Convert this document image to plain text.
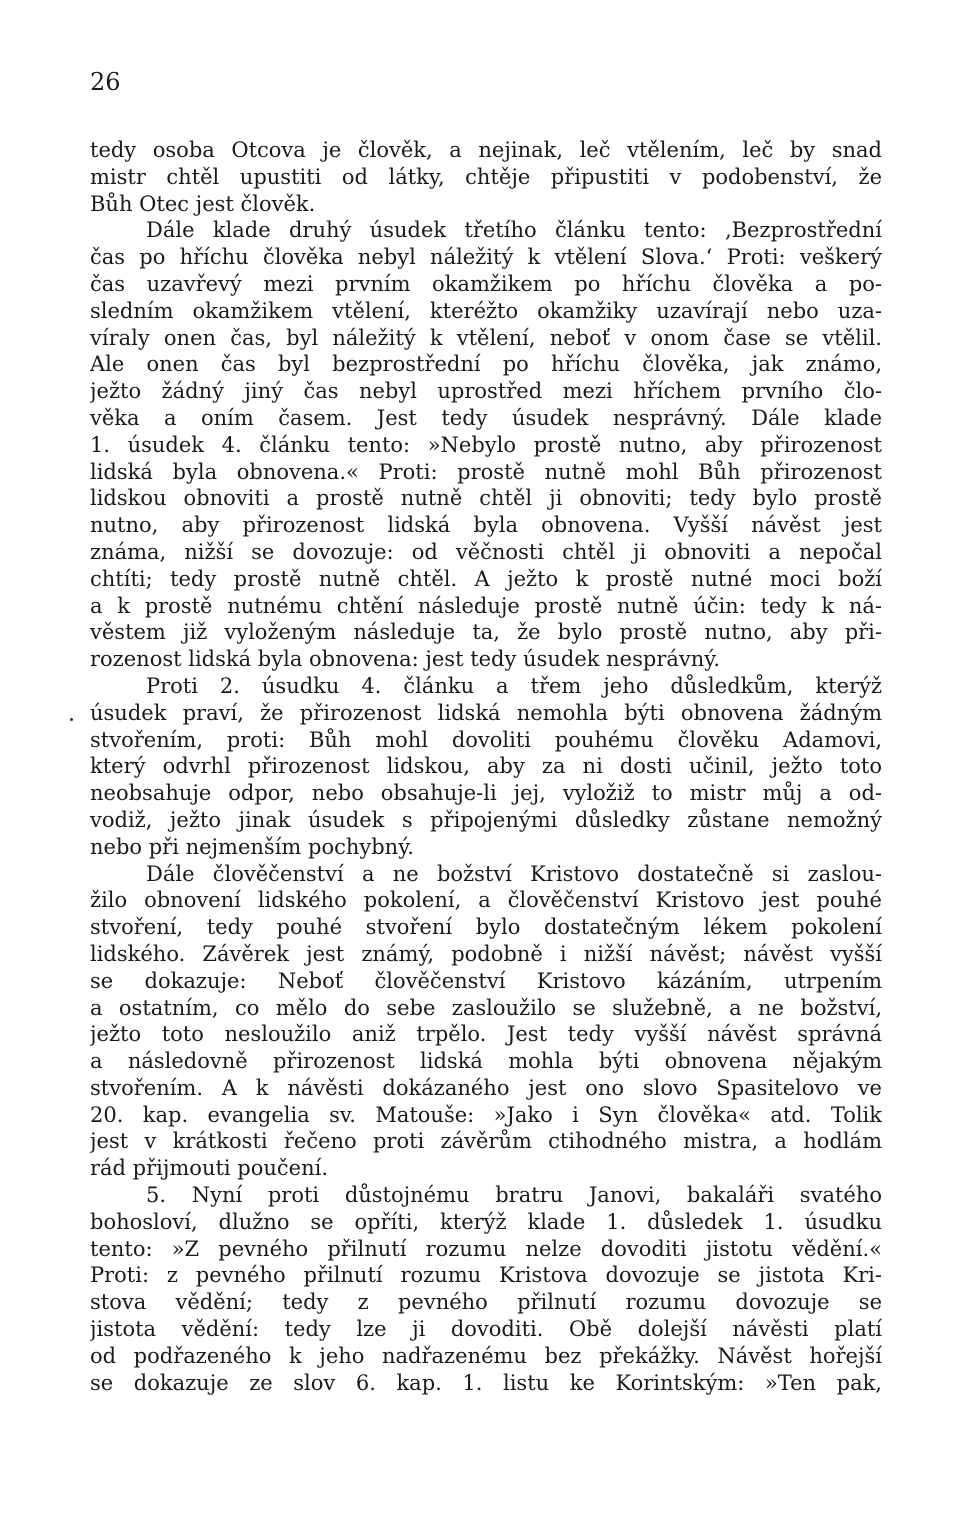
26
tedy osoba Otcova je člověk, a nejinak, leč vtělením, leč by snad
mistr chtěl upustiti od látky, chtěje připustiti v podobenství, že
Bůh Otec jest člověk.
Dále klade druhý úsudek třetího článku tento: ‚Bezprostřední
čas po hříchu člověka nebyl náležitý k vtělení Slova.‘ Proti: veškerý
čas uzavřevý mezi prvním okamžikem po hříchu člověka a po-
sledním okamžikem vtělení, kteréžto okamžiky uzavírají nebo uza-
víraly onen čas, byl náležitý k vtělení, neboť v onom čase se vtělil.
Ale onen čas byl bezprostřední po hříchu člověka, jak známo,
ježto žádný jiný čas nebyl uprostřed mezi hříchem prvního člo-
věka a oním časem. Jest tedy úsudek nesprávný. Dále klade
1. úsudek 4. článku tento: »Nebylo prostě nutno, aby přirozenost
lidská byla obnovena.« Proti: prostě nutně mohl Bůh přirozenost
lidskou obnoviti a prostě nutně chtěl ji obnoviti; tedy bylo prostě
nutno, aby přirozenost lidská byla obnovena. Vyšší návěst jest
známa, nižší se dovozuje: od věčnosti chtěl ji obnoviti a nepočal
chtíti; tedy prostě nutně chtěl. A ježto k prostě nutné moci boží
a k prostě nutnému chtění následuje prostě nutně účin: tedy k ná-
věstem již vyloženým následuje ta, že bylo prostě nutno, aby při-
rozenost lidská byla obnovena: jest tedy úsudek nesprávný.
Proti 2. úsudku 4. článku a třem jeho důsledkům, kterýž
úsudek praví, že přirozenost lidská nemohla býti obnovena žádným
stvořením, proti: Bůh mohl dovoliti pouhému člověku Adamovi,
který odvrhl přirozenost lidskou, aby za ni dosti učinil, ježto toto
neobsahuje odpor, nebo obsahuje-li jej, vyložiž to mistr můj a od-
vodiž, ježto jinak úsudek s připojenými důsledky zůstane nemožný
nebo při nejmenším pochybný.
Dále člověčenství a ne božství Kristovo dostatečně si zaslou-
žilo obnovení lidského pokolení, a člověčenství Kristovo jest pouhé
stvoření, tedy pouhé stvoření bylo dostatečným lékem pokolení
lidského. Závěrek jest známý, podobně i nižší návěst; návěst vyšší
se dokazuje: Neboť člověčenství Kristovo kázáním, utrpením
a ostatním, co mělo do sebe zasloužilo se služebně, a ne božství,
ježto toto nesloužilo aniž trpělo. Jest tedy vyšší návěst správná
a následovně přirozenost lidská mohla býti obnovena nějakým
stvořením. A k návěsti dokázaného jest ono slovo Spasitelovo ve
20. kap. evangelia sv. Matouše: »Jako i Syn člověka« atd. Tolik
jest v krátkosti řečeno proti závěrům ctihodného mistra, a hodlám
rád přijmouti poučení.
5. Nyní proti důstojnému bratru Janovi, bakaláři svatého
bohosloví, dlužno se opříti, kterýž klade 1. důsledek 1. úsudku
tento: »Z pevného přilnutí rozumu nelze dovoditi jistotu vědění.«
Proti: z pevného přilnutí rozumu Kristova dovozuje se jistota Kri-
stova vědění; tedy z pevného přilnutí rozumu dovozuje se
jistota vědění: tedy lze ji dovoditi. Obě dolejší návěsti platí
od podřazeného k jeho nadřazenému bez překážky. Návěst hořejší
se dokazuje ze slov 6. kap. 1. listu ke Korintským: »Ten pak,
